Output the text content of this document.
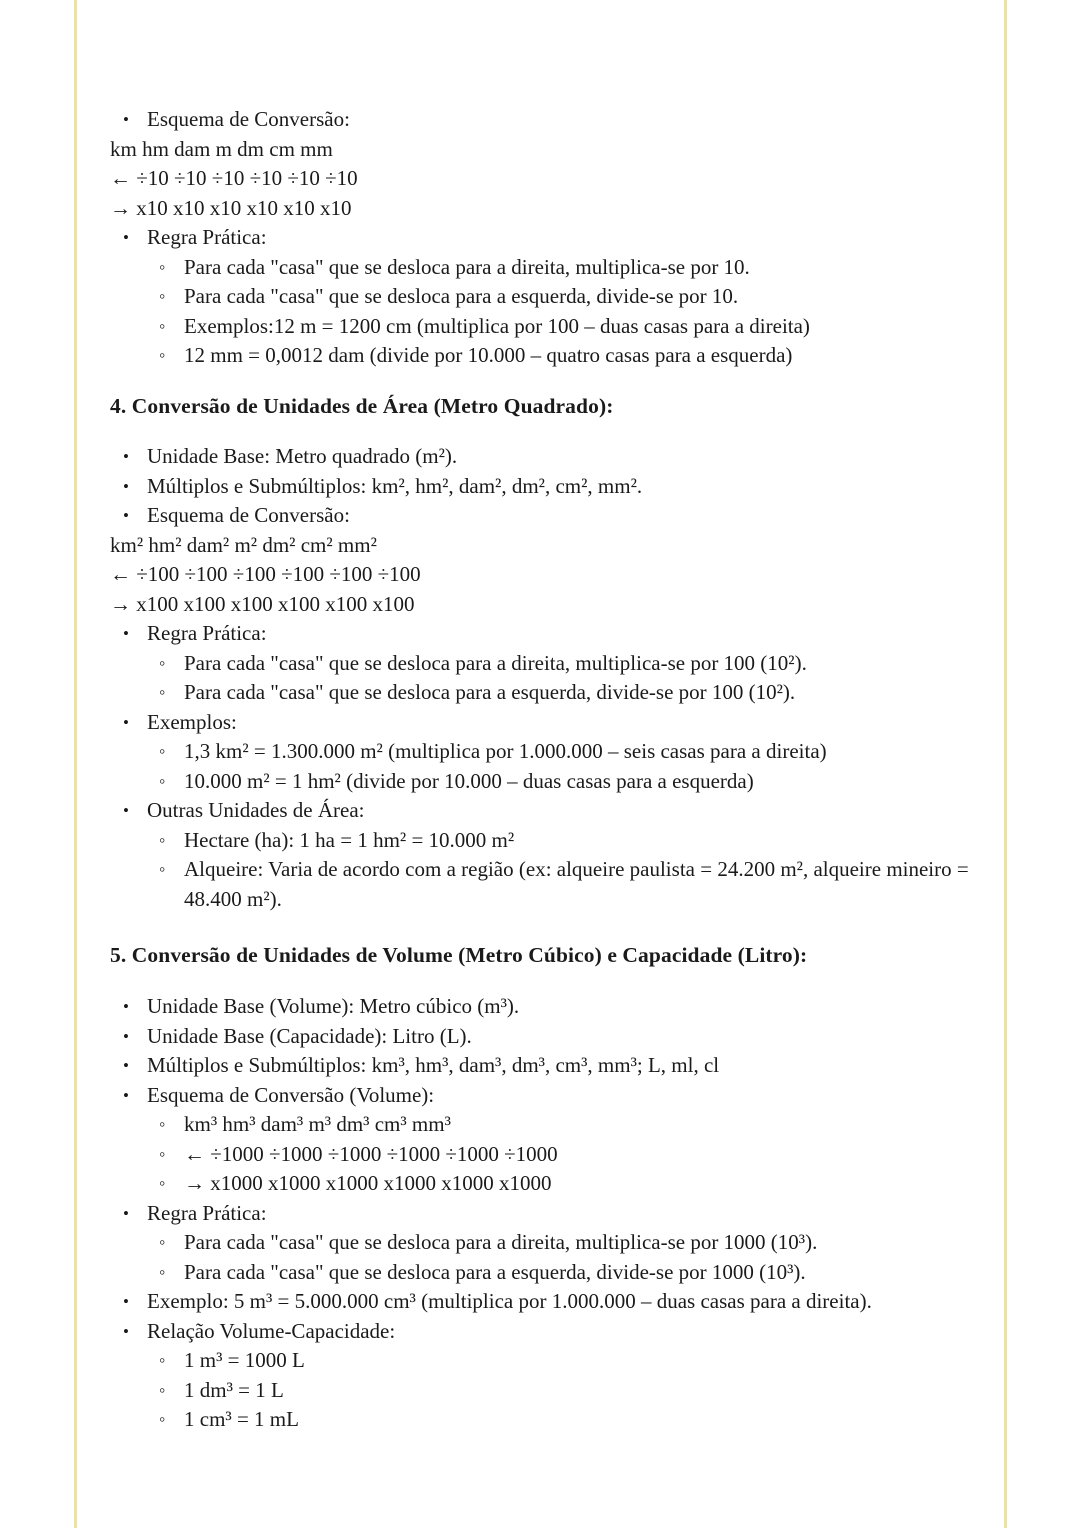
• Esquema de Conversão:

km hm dam m dm cm mm

← ÷10 ÷10 ÷10 ÷10 ÷10 ÷10

→ x10 x10 x10 x10 x10 x10

• Regra Prática:
◦ Para cada "casa" que se desloca para a direita, multiplica-se por 10.
◦ Para cada "casa" que se desloca para a esquerda, divide-se por 10.
◦ Exemplos:12 m = 1200 cm (multiplica por 100 – duas casas para a direita)
◦ 12 mm = 0,0012 dam (divide por 10.000 – quatro casas para a esquerda)
4. Conversão de Unidades de Área (Metro Quadrado):
• Unidade Base: Metro quadrado (m²).
• Múltiplos e Submúltiplos: km², hm², dam², dm², cm², mm².
• Esquema de Conversão:

km² hm² dam² m² dm² cm² mm²

← ÷100 ÷100 ÷100 ÷100 ÷100 ÷100

→ x100 x100 x100 x100 x100 x100

• Regra Prática:
◦ Para cada "casa" que se desloca para a direita, multiplica-se por 100 (10²).
◦ Para cada "casa" que se desloca para a esquerda, divide-se por 100 (10²).
• Exemplos:
◦ 1,3 km² = 1.300.000 m² (multiplica por 1.000.000 – seis casas para a direita)
◦ 10.000 m² = 1 hm² (divide por 10.000 – duas casas para a esquerda)
• Outras Unidades de Área:
◦ Hectare (ha): 1 ha = 1 hm² = 10.000 m²
◦ Alqueire: Varia de acordo com a região (ex: alqueire paulista = 24.200 m², alqueire mineiro = 48.400 m²).
5. Conversão de Unidades de Volume (Metro Cúbico) e Capacidade (Litro):
• Unidade Base (Volume): Metro cúbico (m³).
• Unidade Base (Capacidade): Litro (L).
• Múltiplos e Submúltiplos: km³, hm³, dam³, dm³, cm³, mm³; L, ml, cl
• Esquema de Conversão (Volume):
◦ km³ hm³ dam³ m³ dm³ cm³ mm³
◦ ← ÷1000 ÷1000 ÷1000 ÷1000 ÷1000 ÷1000
◦ → x1000 x1000 x1000 x1000 x1000 x1000
• Regra Prática:
◦ Para cada "casa" que se desloca para a direita, multiplica-se por 1000 (10³).
◦ Para cada "casa" que se desloca para a esquerda, divide-se por 1000 (10³).
• Exemplo: 5 m³ = 5.000.000 cm³ (multiplica por 1.000.000 – duas casas para a direita).
• Relação Volume-Capacidade:
◦ 1 m³ = 1000 L
◦ 1 dm³ = 1 L
◦ 1 cm³ = 1 mL
